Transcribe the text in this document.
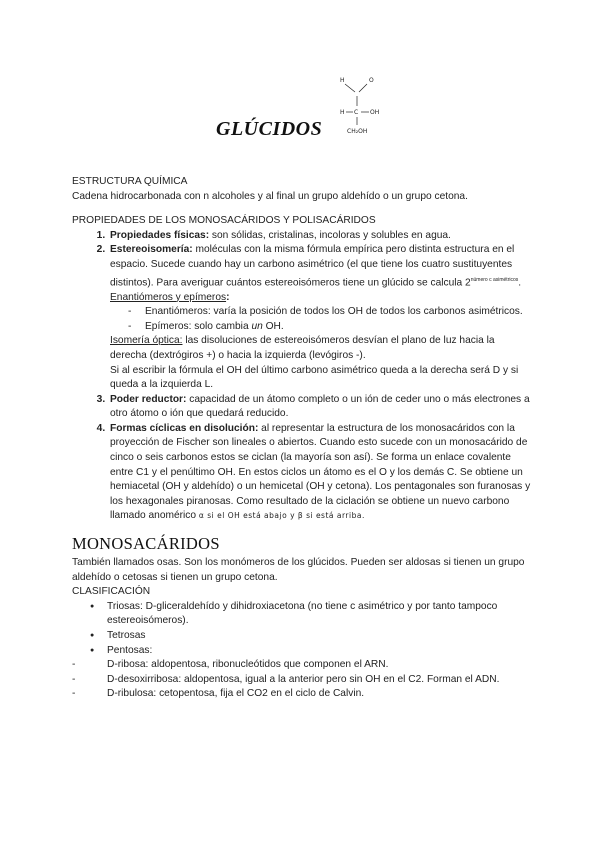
GLÚCIDOS
H	O
H C OH
CH₂OH

ESTRUCTURA QUÍMICA

Cadena hidrocarbonada con n alcoholes y al final un grupo aldehído o un grupo cetona.

PROPIEDADES DE LOS MONOSACÁRIDOS Y POLISACÁRIDOS

1. Propiedades físicas: son sólidas, cristalinas, incoloras y solubles en agua.
2. Estereoisomería: moléculas con la misma fórmula empírica pero distinta estructura en el espacio. Sucede cuando hay un carbono asimétrico (el que tiene los cuatro sustituyentes distintos). Para averiguar cuántos estereoisómeros tiene un glúcido se calcula $2^{número c asimétricos}$.
Enantiómeros y epímeros:
- Enantiómeros: varía la posición de todos los OH de todos los carbonos asimétricos.
- Epímeros: solo cambia un OH.
Isomería óptica: las disoluciones de estereoisómeros desvían el plano de luz hacia la derecha (dextrógiros +) o hacia la izquierda (levógiros -).
Si al escribir la fórmula el OH del último carbono asimétrico queda a la derecha será D y si queda a la izquierda L.
3. Poder reductor: capacidad de un átomo completo o un ión de ceder uno o más electrones a otro átomo o ión que quedará reducido.
4. Formas cíclicas en disolución: al representar la estructura de los monosacáridos con la proyección de Fischer son lineales o abiertos. Cuando esto sucede con un monosacárido de cinco o seis carbonos estos se ciclan (la mayoría son así). Se forma un enlace covalente entre C1 y el penúltimo OH. En estos ciclos un átomo es el O y los demás C. Se obtiene un hemiacetal (OH y aldehído) o un hemicetal (OH y cetona). Los pentagonales son furanosas y los hexagonales piranosas. Como resultado de la ciclación se obtiene un nuevo carbono llamado anomérico α si el OH está abajo y β si está arriba.
MONOSACÁRIDOS

También llamados osas. Son los monómeros de los glúcidos. Pueden ser aldosas si tienen un grupo aldehído o cetosas si tienen un grupo cetona.

CLASIFICACIÓN

● Triosas: D-gliceraldehído y dihidroxiacetona (no tiene c asimétrico y por tanto tampoco estereoisómeros).
● Tetrosas
● Pentosas:
- D-ribosa: aldopentosa, ribonucleótidos que componen el ARN.
- D-desoxirribosa: aldopentosa, igual a la anterior pero sin OH en el C2. Forman el ADN.
- D-ribulosa: cetopentosa, fija el CO2 en el ciclo de Calvin.
